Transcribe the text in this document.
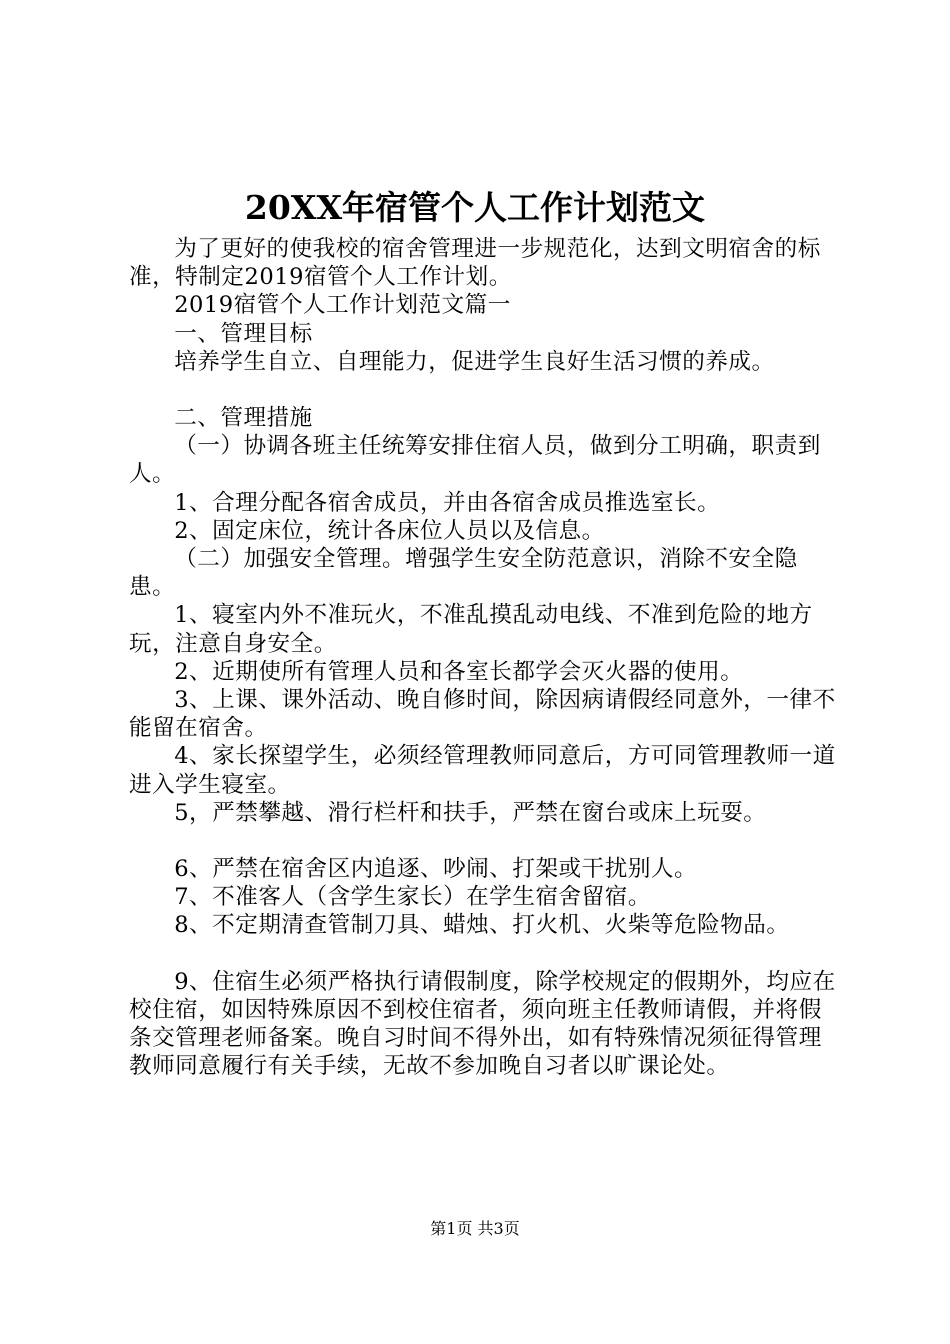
20XX年宿管个人工作计划范文

为了更好的使我校的宿舍管理进一步规范化，达到文明宿舍的标准，特制定2019宿管个人工作计划。

2019宿管个人工作计划范文篇一

一、管理目标

培养学生自立、自理能力，促进学生良好生活习惯的养成。

二、管理措施

（一）协调各班主任统筹安排住宿人员，做到分工明确，职责到人。

1、合理分配各宿舍成员，并由各宿舍成员推选室长。

2、固定床位，统计各床位人员以及信息。

（二）加强安全管理。增强学生安全防范意识，消除不安全隐患。

1、寝室内外不准玩火，不准乱摸乱动电线、不准到危险的地方玩，注意自身安全。

2、近期使所有管理人员和各室长都学会灭火器的使用。

3、上课、课外活动、晚自修时间，除因病请假经同意外，一律不能留在宿舍。

4、家长探望学生，必须经管理教师同意后，方可同管理教师一道进入学生寝室。

5，严禁攀越、滑行栏杆和扶手，严禁在窗台或床上玩耍。

6、严禁在宿舍区内追逐、吵闹、打架或干扰别人。

7、不准客人（含学生家长）在学生宿舍留宿。

8、不定期清查管制刀具、蜡烛、打火机、火柴等危险物品。

9、住宿生必须严格执行请假制度，除学校规定的假期外，均应在校住宿，如因特殊原因不到校住宿者，须向班主任教师请假，并将假条交管理老师备案。晚自习时间不得外出，如有特殊情况须征得管理教师同意履行有关手续，无故不参加晚自习者以旷课论处。

第1页 共3页
